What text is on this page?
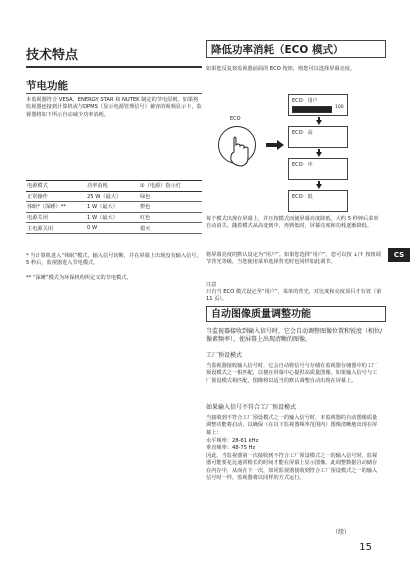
技术特点
节电功能
本监视器符合 VESA、ENERGY STAR 和 NUTEK 制定的节电原则。如果将监视器连接到计算机或与DPMS（显示电源管理信号）兼容的视频显示卡，监视器将如下所示自动减少功率消耗。
电源模式	功率消耗	①（电源）指示灯
正常操作	25 W（最大）	绿色
休眠*（深睡）**	1 W（最大）	橙色
电源关闭	1 W（最大）	红色
主电源关闭	0 W	熄灭
* 当计算机进入“休眠”模式，输入信号切断，并在屏幕上出现没有输入信号，5 秒后，监视器进入节电模式。
** “深睡”模式为环保机构所定义的节电模式。
降低功率消耗（ECO 模式）
如果您反复按监视器前面的 ECO 按钮，则您可以选择屏幕亮度。
ECO
ECO：用户
100
ECO：高
ECO：中
ECO：低
每个模式出现在屏幕上，并且按模式而使屏幕亮度降低。大约 5 秒钟后菜单自动消失。随着模式从高变到中，再到低时，屏幕亮度和功耗逐渐降低。
将屏幕亮度的默认设定为“用户”。如果您选择“用户”，您可以按 ↓/↑ 按钮调节背光等级，当您使用菜单选择背光时也同样如此调节。
注意
只有当 ECO 模式设定至“用户”，菜单的背光、对比度和亮度项目才有效（第 11 页）。
自动图像质量调整功能
当监视器接收到输入信号时，它会自动调整图像位置和锐度（相位/像素频率），使屏幕上出现清晰的图像。
工厂预设模式
当监视器接收输入信号时，它会自动将信号与存储在监视器存储器中的工厂预设模式之一相匹配，以便在屏幕中心提供高质量图像。如果输入信号与工厂预设模式相匹配，图像将以适当的默认调整自动出现在屏幕上。
如果输入信号不符合工厂预设模式
当接收到不符合工厂预设模式之一的输入信号时，本监视器的自动图像质量调整功能将启动，以确保（在以下监视器频率范围内）图像清晰地出现在屏幕上：
水平频率：28-61 kHz
垂直频率：48-75 Hz
因此，当监视器第一次接收到不符合工厂预设模式之一的输入信号时，监视器可能要花比通常稍长的时间才能在屏幕上显示图像。此调整数据自动储存在内存中，从而在下一次，如同监视器接收到符合工厂预设模式之一的输入信号时一样，监视器将以同样的方式运行。
CS
（续）
15
